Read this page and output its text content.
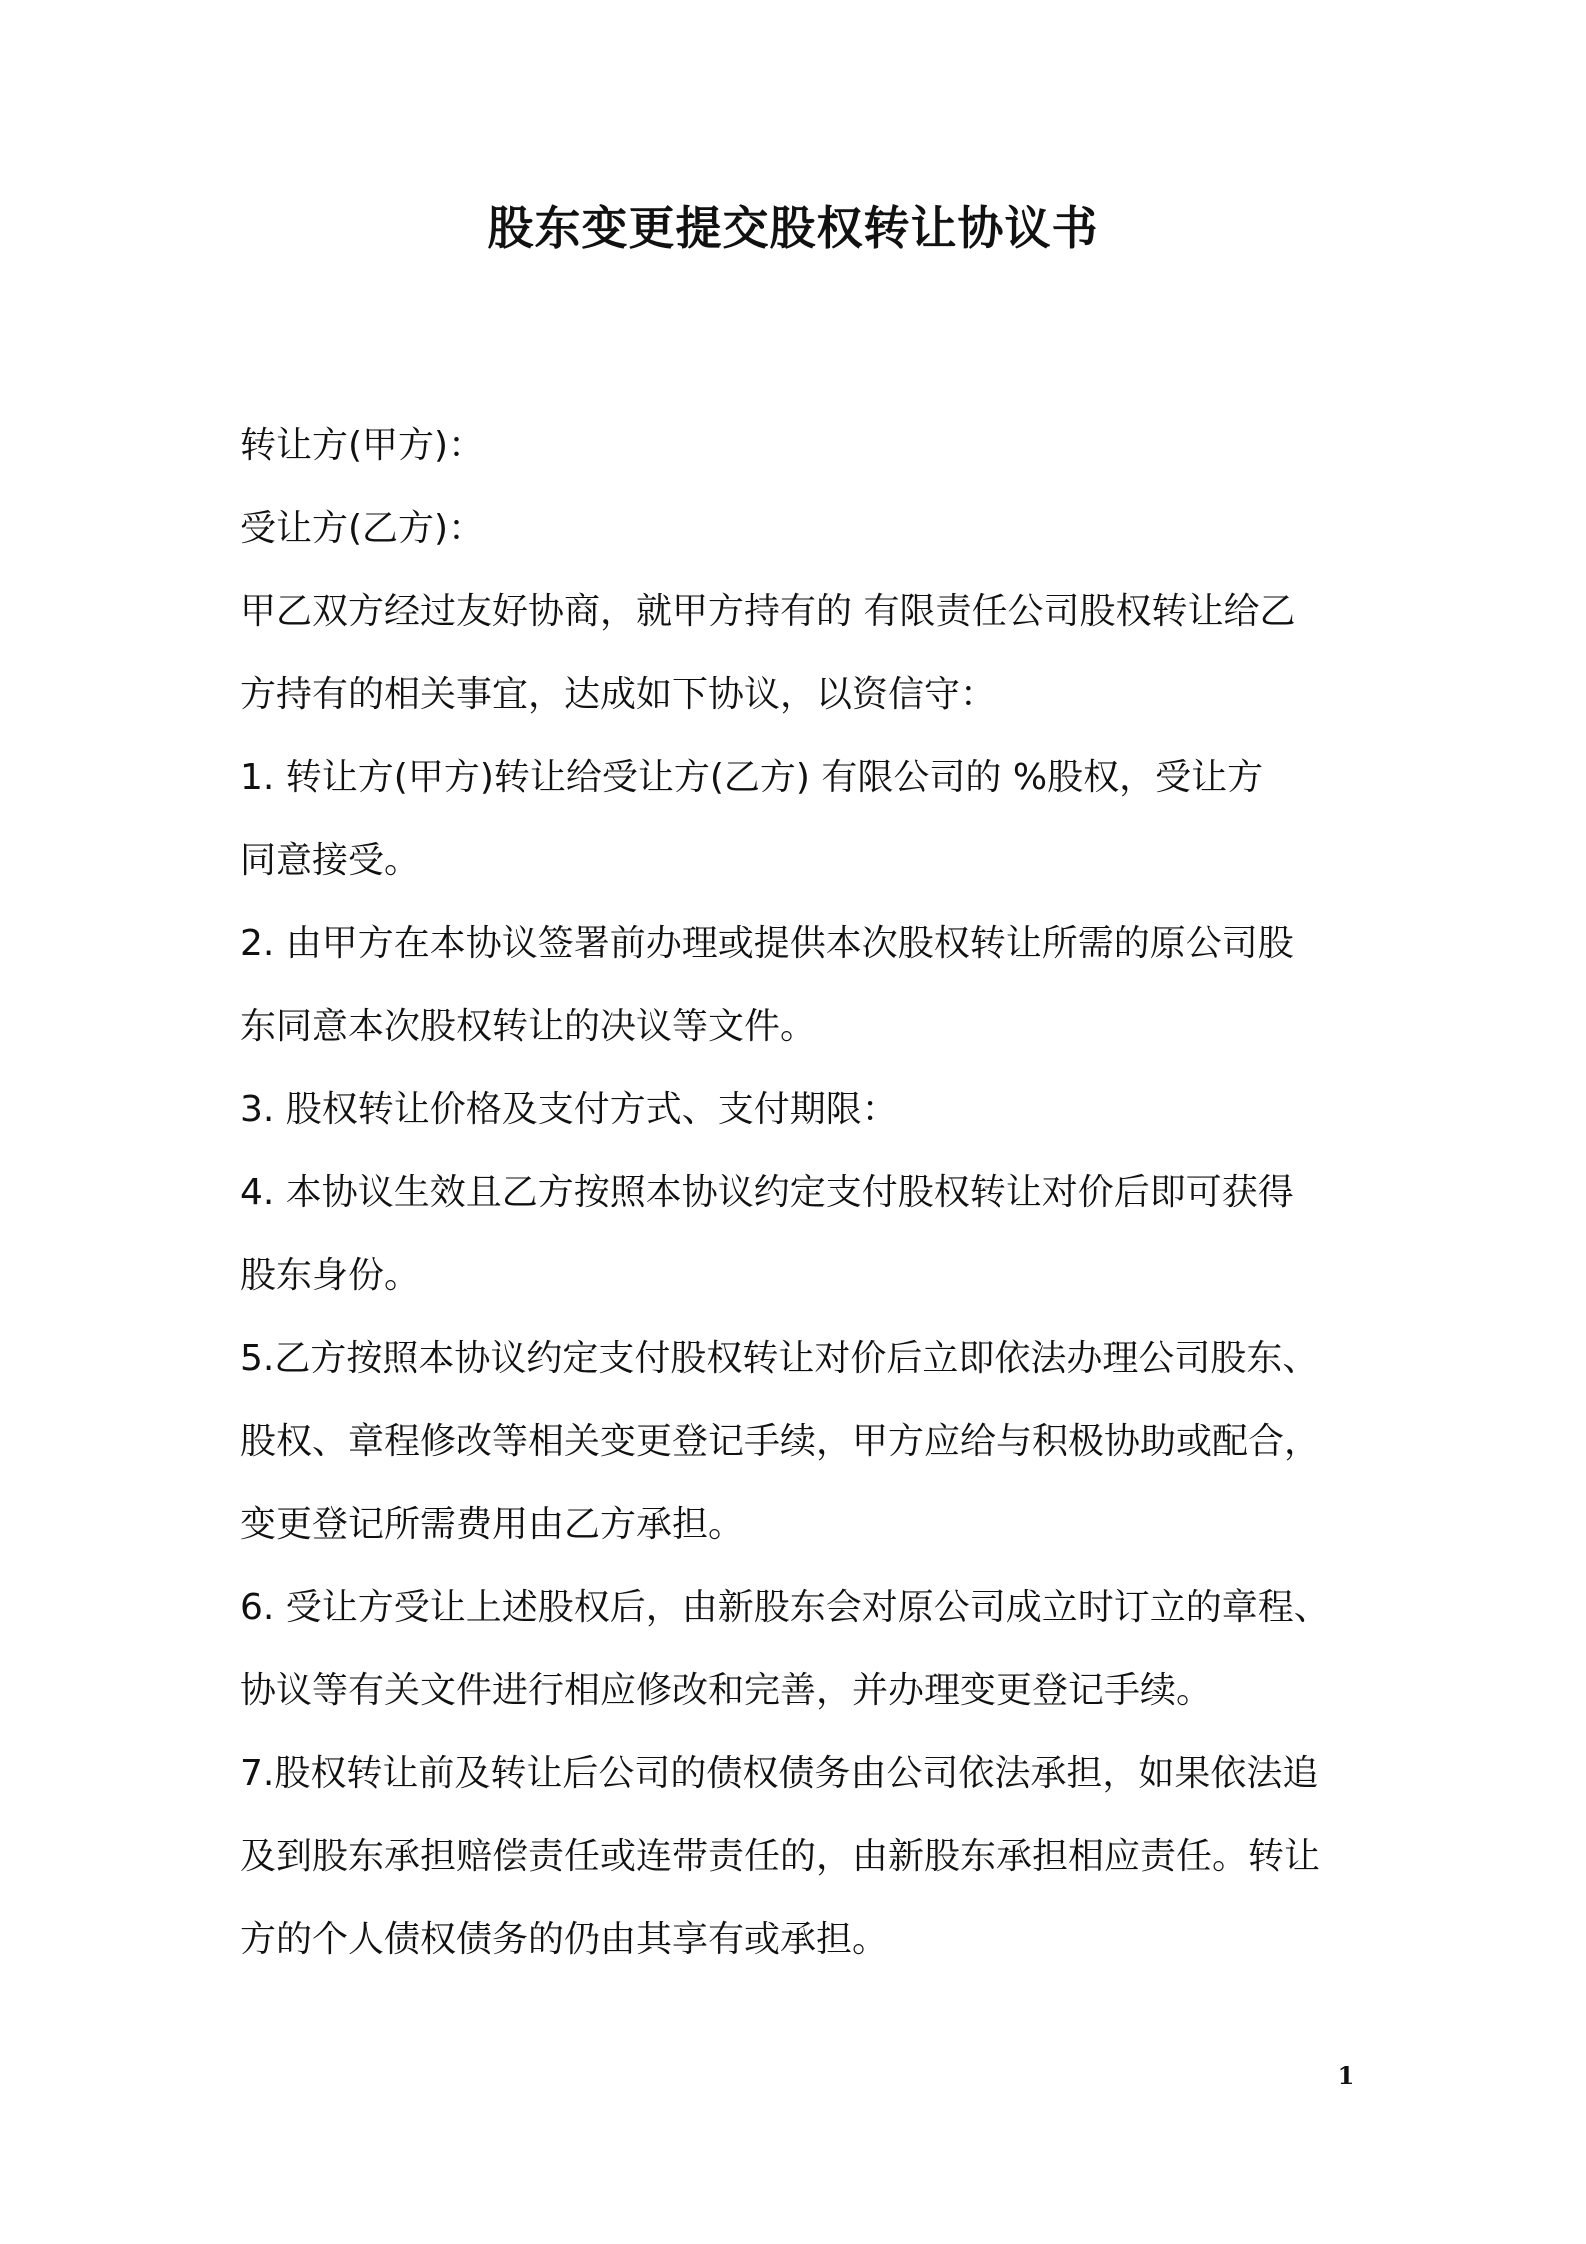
股东变更提交股权转让协议书
转让方(甲方)：
受让方(乙方)：
甲乙双方经过友好协商，就甲方持有的 有限责任公司股权转让给乙
方持有的相关事宜，达成如下协议，以资信守：
1. 转让方(甲方)转让给受让方(乙方) 有限公司的 %股权，受让方
同意接受。
2. 由甲方在本协议签署前办理或提供本次股权转让所需的原公司股
东同意本次股权转让的决议等文件。
3. 股权转让价格及支付方式、支付期限：
4. 本协议生效且乙方按照本协议约定支付股权转让对价后即可获得
股东身份。
5.乙方按照本协议约定支付股权转让对价后立即依法办理公司股东、
股权、章程修改等相关变更登记手续，甲方应给与积极协助或配合，
变更登记所需费用由乙方承担。
6. 受让方受让上述股权后，由新股东会对原公司成立时订立的章程、
协议等有关文件进行相应修改和完善，并办理变更登记手续。
7.股权转让前及转让后公司的债权债务由公司依法承担，如果依法追
及到股东承担赔偿责任或连带责任的，由新股东承担相应责任。转让
方的个人债权债务的仍由其享有或承担。
1
